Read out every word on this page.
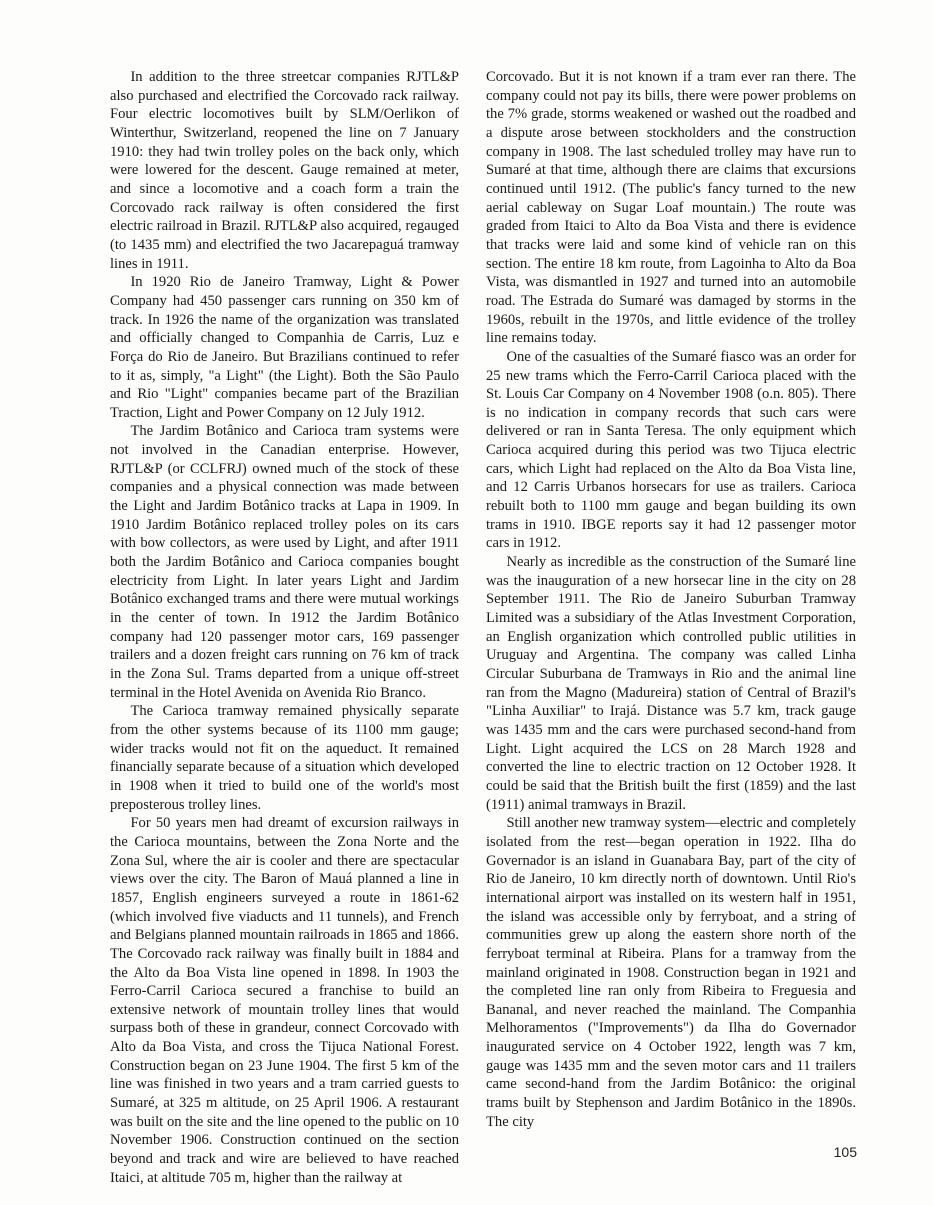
In addition to the three streetcar companies RJTL&P also purchased and electrified the Corcovado rack railway. Four electric locomotives built by SLM/Oerlikon of Winterthur, Switzerland, reopened the line on 7 January 1910: they had twin trolley poles on the back only, which were lowered for the descent. Gauge remained at meter, and since a locomotive and a coach form a train the Corcovado rack railway is often considered the first electric railroad in Brazil. RJTL&P also acquired, regauged (to 1435 mm) and electrified the two Jacarepaguá tramway lines in 1911.

In 1920 Rio de Janeiro Tramway, Light & Power Company had 450 passenger cars running on 350 km of track. In 1926 the name of the organization was translated and officially changed to Companhia de Carris, Luz e Força do Rio de Janeiro. But Brazilians continued to refer to it as, simply, "a Light" (the Light). Both the São Paulo and Rio "Light" companies became part of the Brazilian Traction, Light and Power Company on 12 July 1912.

The Jardim Botânico and Carioca tram systems were not involved in the Canadian enterprise. However, RJTL&P (or CCLFRJ) owned much of the stock of these companies and a physical connection was made between the Light and Jardim Botânico tracks at Lapa in 1909. In 1910 Jardim Botânico replaced trolley poles on its cars with bow collectors, as were used by Light, and after 1911 both the Jardim Botânico and Carioca companies bought electricity from Light. In later years Light and Jardim Botânico exchanged trams and there were mutual workings in the center of town. In 1912 the Jardim Botânico company had 120 passenger motor cars, 169 passenger trailers and a dozen freight cars running on 76 km of track in the Zona Sul. Trams departed from a unique off-street terminal in the Hotel Avenida on Avenida Rio Branco.

The Carioca tramway remained physically separate from the other systems because of its 1100 mm gauge; wider tracks would not fit on the aqueduct. It remained financially separate because of a situation which developed in 1908 when it tried to build one of the world's most preposterous trolley lines.

For 50 years men had dreamt of excursion railways in the Carioca mountains, between the Zona Norte and the Zona Sul, where the air is cooler and there are spectacular views over the city. The Baron of Mauá planned a line in 1857, English engineers surveyed a route in 1861-62 (which involved five viaducts and 11 tunnels), and French and Belgians planned mountain railroads in 1865 and 1866. The Corcovado rack railway was finally built in 1884 and the Alto da Boa Vista line opened in 1898. In 1903 the Ferro-Carril Carioca secured a franchise to build an extensive network of mountain trolley lines that would surpass both of these in grandeur, connect Corcovado with Alto da Boa Vista, and cross the Tijuca National Forest. Construction began on 23 June 1904. The first 5 km of the line was finished in two years and a tram carried guests to Sumaré, at 325 m altitude, on 25 April 1906. A restaurant was built on the site and the line opened to the public on 10 November 1906. Construction continued on the section beyond and track and wire are believed to have reached Itaici, at altitude 705 m, higher than the railway at

Corcovado. But it is not known if a tram ever ran there. The company could not pay its bills, there were power problems on the 7% grade, storms weakened or washed out the roadbed and a dispute arose between stockholders and the construction company in 1908. The last scheduled trolley may have run to Sumaré at that time, although there are claims that excursions continued until 1912. (The public's fancy turned to the new aerial cableway on Sugar Loaf mountain.) The route was graded from Itaici to Alto da Boa Vista and there is evidence that tracks were laid and some kind of vehicle ran on this section. The entire 18 km route, from Lagoinha to Alto da Boa Vista, was dismantled in 1927 and turned into an automobile road. The Estrada do Sumaré was damaged by storms in the 1960s, rebuilt in the 1970s, and little evidence of the trolley line remains today.

One of the casualties of the Sumaré fiasco was an order for 25 new trams which the Ferro-Carril Carioca placed with the St. Louis Car Company on 4 November 1908 (o.n. 805). There is no indication in company records that such cars were delivered or ran in Santa Teresa. The only equipment which Carioca acquired during this period was two Tijuca electric cars, which Light had replaced on the Alto da Boa Vista line, and 12 Carris Urbanos horsecars for use as trailers. Carioca rebuilt both to 1100 mm gauge and began building its own trams in 1910. IBGE reports say it had 12 passenger motor cars in 1912.

Nearly as incredible as the construction of the Sumaré line was the inauguration of a new horsecar line in the city on 28 September 1911. The Rio de Janeiro Suburban Tramway Limited was a subsidiary of the Atlas Investment Corporation, an English organization which controlled public utilities in Uruguay and Argentina. The company was called Linha Circular Suburbana de Tramways in Rio and the animal line ran from the Magno (Madureira) station of Central of Brazil's "Linha Auxiliar" to Irajá. Distance was 5.7 km, track gauge was 1435 mm and the cars were purchased second-hand from Light. Light acquired the LCS on 28 March 1928 and converted the line to electric traction on 12 October 1928. It could be said that the British built the first (1859) and the last (1911) animal tramways in Brazil.

Still another new tramway system—electric and completely isolated from the rest—began operation in 1922. Ilha do Governador is an island in Guanabara Bay, part of the city of Rio de Janeiro, 10 km directly north of downtown. Until Rio's international airport was installed on its western half in 1951, the island was accessible only by ferryboat, and a string of communities grew up along the eastern shore north of the ferryboat terminal at Ribeira. Plans for a tramway from the mainland originated in 1908. Construction began in 1921 and the completed line ran only from Ribeira to Freguesia and Bananal, and never reached the mainland. The Companhia Melhoramentos ("Improvements") da Ilha do Governador inaugurated service on 4 October 1922, length was 7 km, gauge was 1435 mm and the seven motor cars and 11 trailers came second-hand from the Jardim Botânico: the original trams built by Stephenson and Jardim Botânico in the 1890s. The city

105
